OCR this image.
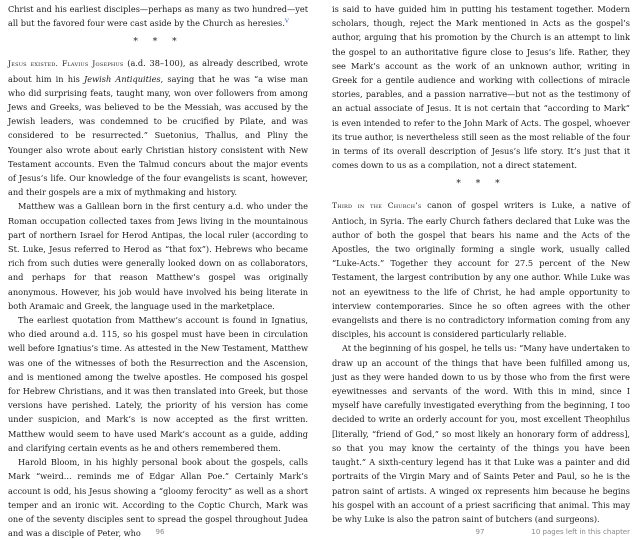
Christ and his earliest disciples—perhaps as many as two hundred—yet all but the favored four were cast aside by the Church as heresies.$^V$

* * *

Jesus existed. Flavius Josephus (a.d. 38–100), as already described, wrote about him in his Jewish Antiquities, saying that he was “a wise man who did surprising feats, taught many, won over followers from among Jews and Greeks, was believed to be the Messiah, was accused by the Jewish leaders, was condemned to be crucified by Pilate, and was considered to be resurrected.” Suetonius, Thallus, and Pliny the Younger also wrote about early Christian history consistent with New Testament accounts. Even the Talmud concurs about the major events of Jesus’s life. Our knowledge of the four evangelists is scant, however, and their gospels are a mix of mythmaking and history.

Matthew was a Galilean born in the first century a.d. who under the Roman occupation collected taxes from Jews living in the mountainous part of northern Israel for Herod Antipas, the local ruler (according to St. Luke, Jesus referred to Herod as “that fox”). Hebrews who became rich from such duties were generally looked down on as collaborators, and perhaps for that reason Matthew’s gospel was originally anonymous. However, his job would have involved his being literate in both Aramaic and Greek, the language used in the marketplace.

The earliest quotation from Matthew’s account is found in Ignatius, who died around a.d. 115, so his gospel must have been in circulation well before Ignatius’s time. As attested in the New Testament, Matthew was one of the witnesses of both the Resurrection and the Ascension, and is mentioned among the twelve apostles. He composed his gospel for Hebrew Christians, and it was then translated into Greek, but those versions have perished. Lately, the priority of his version has come under suspicion, and Mark’s is now accepted as the first written. Matthew would seem to have used Mark’s account as a guide, adding and clarifying certain events as he and others remembered them.

Harold Bloom, in his highly personal book about the gospels, calls Mark “weird... reminds me of Edgar Allan Poe.” Certainly Mark’s account is odd, his Jesus showing a “gloomy ferocity” as well as a short temper and an ironic wit. According to the Coptic Church, Mark was one of the seventy disciples sent to spread the gospel throughout Judea and was a disciple of Peter, who	96

is said to have guided him in putting his testament together. Modern scholars, though, reject the Mark mentioned in Acts as the gospel’s author, arguing that his promotion by the Church is an attempt to link the gospel to an authoritative figure close to Jesus’s life. Rather, they see Mark’s account as the work of an unknown author, writing in Greek for a gentile audience and working with collections of miracle stories, parables, and a passion narrative—but not as the testimony of an actual associate of Jesus. It is not certain that “according to Mark” is even intended to refer to the John Mark of Acts. The gospel, whoever its true author, is nevertheless still seen as the most reliable of the four in terms of its overall description of Jesus’s life story. It’s just that it comes down to us as a compilation, not a direct statement.

* * *

Third in the Church’s canon of gospel writers is Luke, a native of Antioch, in Syria. The early Church fathers declared that Luke was the author of both the gospel that bears his name and the Acts of the Apostles, the two originally forming a single work, usually called “Luke-Acts.” Together they account for 27.5 percent of the New Testament, the largest contribution by any one author. While Luke was not an eyewitness to the life of Christ, he had ample opportunity to interview contemporaries. Since he so often agrees with the other evangelists and there is no contradictory information coming from any disciples, his account is considered particularly reliable.

At the beginning of his gospel, he tells us: “Many have undertaken to draw up an account of the things that have been fulfilled among us, just as they were handed down to us by those who from the first were eyewitnesses and servants of the word. With this in mind, since I myself have carefully investigated everything from the beginning, I too decided to write an orderly account for you, most excellent Theophilus [literally, “friend of God,” so most likely an honorary form of address], so that you may know the certainty of the things you have been taught.” A sixth-century legend has it that Luke was a painter and did portraits of the Virgin Mary and of Saints Peter and Paul, so he is the patron saint of artists. A winged ox represents him because he begins his gospel with an account of a priest sacrificing that animal. This may be why Luke is also the patron saint of butchers (and surgeons).

97	10 pages left in this chapter
